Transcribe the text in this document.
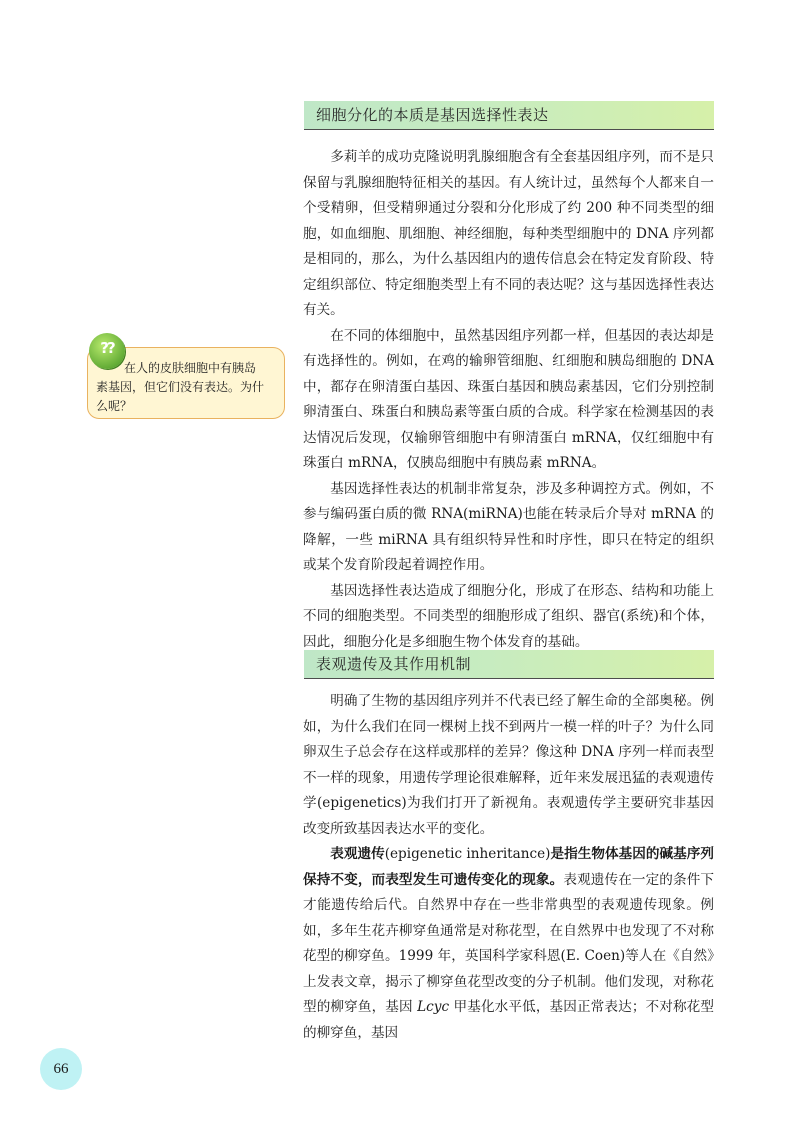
细胞分化的本质是基因选择性表达

多莉羊的成功克隆说明乳腺细胞含有全套基因组序列，而不是只保留与乳腺细胞特征相关的基因。有人统计过，虽然每个人都来自一个受精卵，但受精卵通过分裂和分化形成了约 200 种不同类型的细胞，如血细胞、肌细胞、神经细胞，每种类型细胞中的 DNA 序列都是相同的，那么，为什么基因组内的遗传信息会在特定发育阶段、特定组织部位、特定细胞类型上有不同的表达呢？这与基因选择性表达有关。

在不同的体细胞中，虽然基因组序列都一样，但基因的表达却是有选择性的。例如，在鸡的输卵管细胞、红细胞和胰岛细胞的 DNA 中，都存在卵清蛋白基因、珠蛋白基因和胰岛素基因，它们分别控制卵清蛋白、珠蛋白和胰岛素等蛋白质的合成。科学家在检测基因的表达情况后发现，仅输卵管细胞中有卵清蛋白 mRNA，仅红细胞中有珠蛋白 mRNA，仅胰岛细胞中有胰岛素 mRNA。

基因选择性表达的机制非常复杂，涉及多种调控方式。例如，不参与编码蛋白质的微 RNA(miRNA)也能在转录后介导对 mRNA 的降解，一些 miRNA 具有组织特异性和时序性，即只在特定的组织或某个发育阶段起着调控作用。

基因选择性表达造成了细胞分化，形成了在形态、结构和功能上不同的细胞类型。不同类型的细胞形成了组织、器官(系统)和个体，因此，细胞分化是多细胞生物个体发育的基础。

??
在人的皮肤细胞中有胰岛
素基因，但它们没有表达。为什
么呢？
表观遗传及其作用机制

明确了生物的基因组序列并不代表已经了解生命的全部奥秘。例如，为什么我们在同一棵树上找不到两片一模一样的叶子？为什么同卵双生子总会存在这样或那样的差异？像这种 DNA 序列一样而表型不一样的现象，用遗传学理论很难解释，近年来发展迅猛的表观遗传学(epigenetics)为我们打开了新视角。表观遗传学主要研究非基因改变所致基因表达水平的变化。

表观遗传(epigenetic inheritance)是指生物体基因的碱基序列保持不变，而表型发生可遗传变化的现象。表观遗传在一定的条件下才能遗传给后代。自然界中存在一些非常典型的表观遗传现象。例如，多年生花卉柳穿鱼通常是对称花型，在自然界中也发现了不对称花型的柳穿鱼。1999 年，英国科学家科恩(E. Coen)等人在《自然》上发表文章，揭示了柳穿鱼花型改变的分子机制。他们发现，对称花型的柳穿鱼，基因 Lcyc 甲基化水平低，基因正常表达；不对称花型的柳穿鱼，基因

66
